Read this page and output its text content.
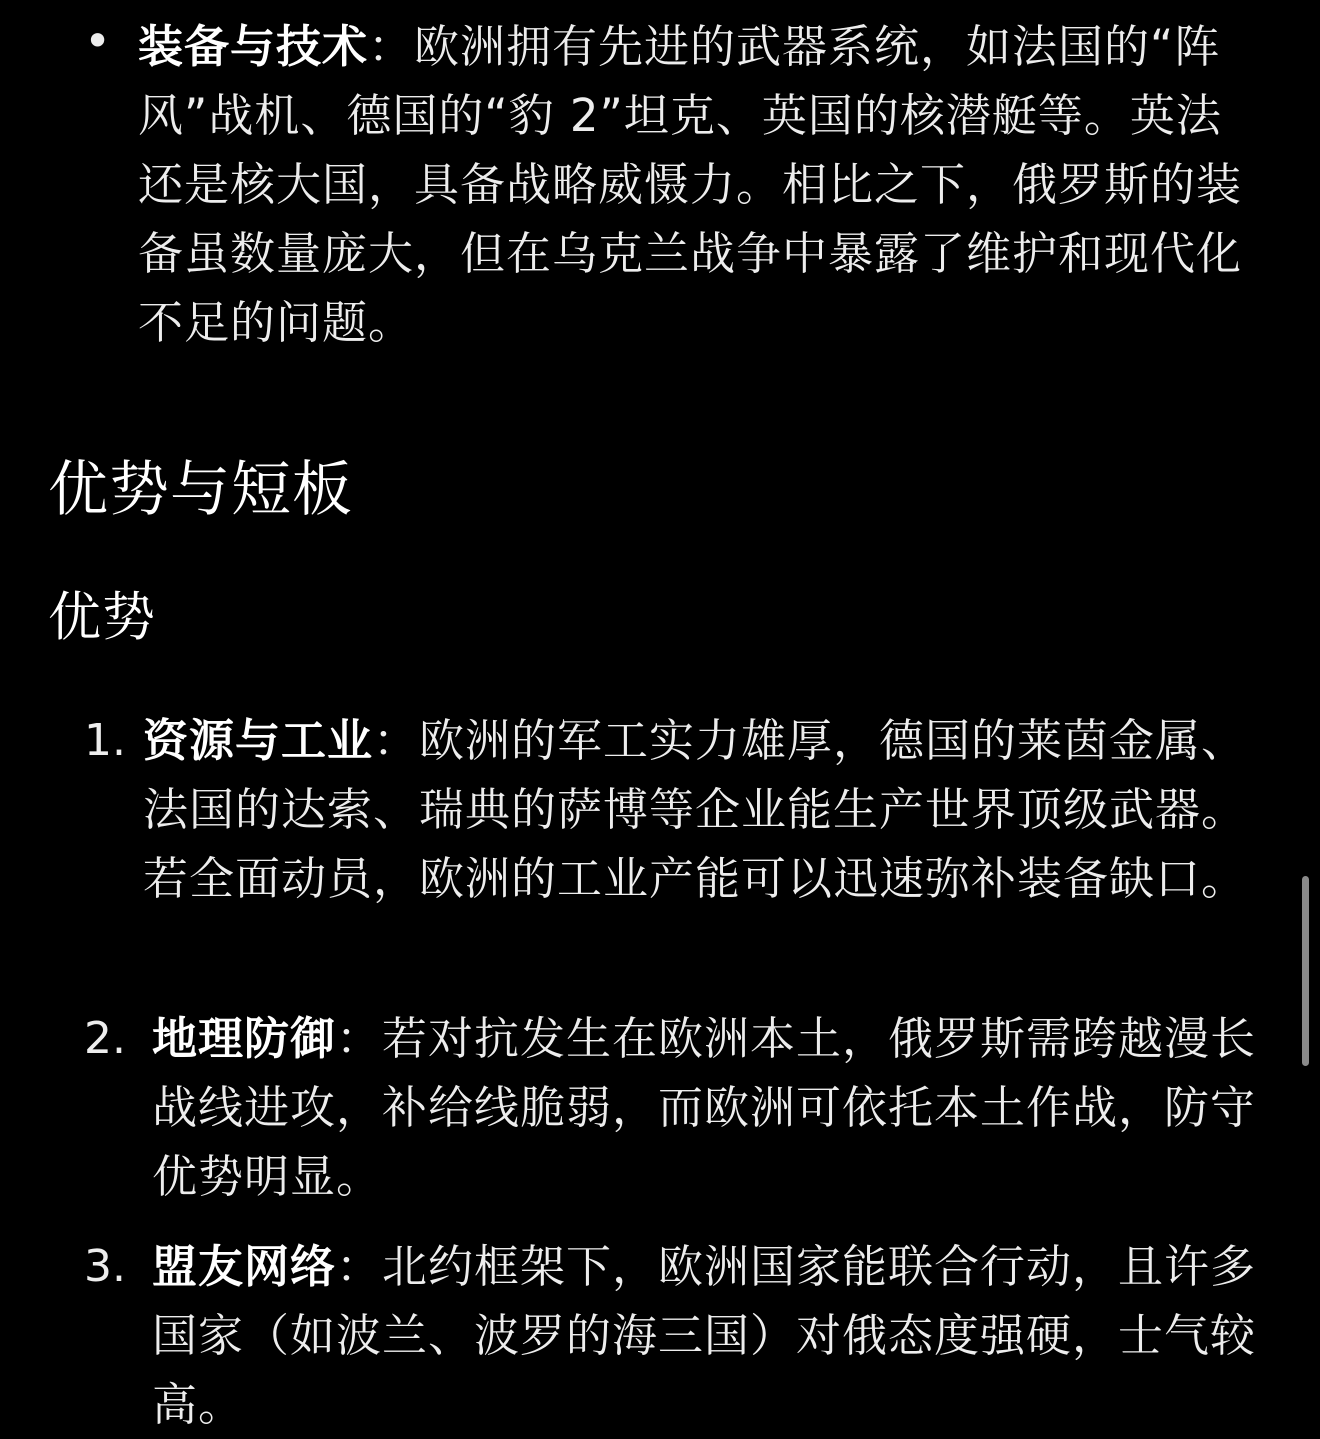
• 装备与技术：欧洲拥有先进的武器系统，如法国的“阵风”战机、德国的“豹 2”坦克、英国的核潜艇等。英法还是核大国，具备战略威慑力。相比之下，俄罗斯的装备虽数量庞大，但在乌克兰战争中暴露了维护和现代化不足的问题。
优势与短板
优势
1. 资源与工业：欧洲的军工实力雄厚，德国的莱茵金属、法国的达索、瑞典的萨博等企业能生产世界顶级武器。若全面动员，欧洲的工业产能可以迅速弥补装备缺口。
2. 地理防御：若对抗发生在欧洲本土，俄罗斯需跨越漫长战线进攻，补给线脆弱，而欧洲可依托本土作战，防守优势明显。
3. 盟友网络：北约框架下，欧洲国家能联合行动，且许多国家（如波兰、波罗的海三国）对俄态度强硬，士气较高。
